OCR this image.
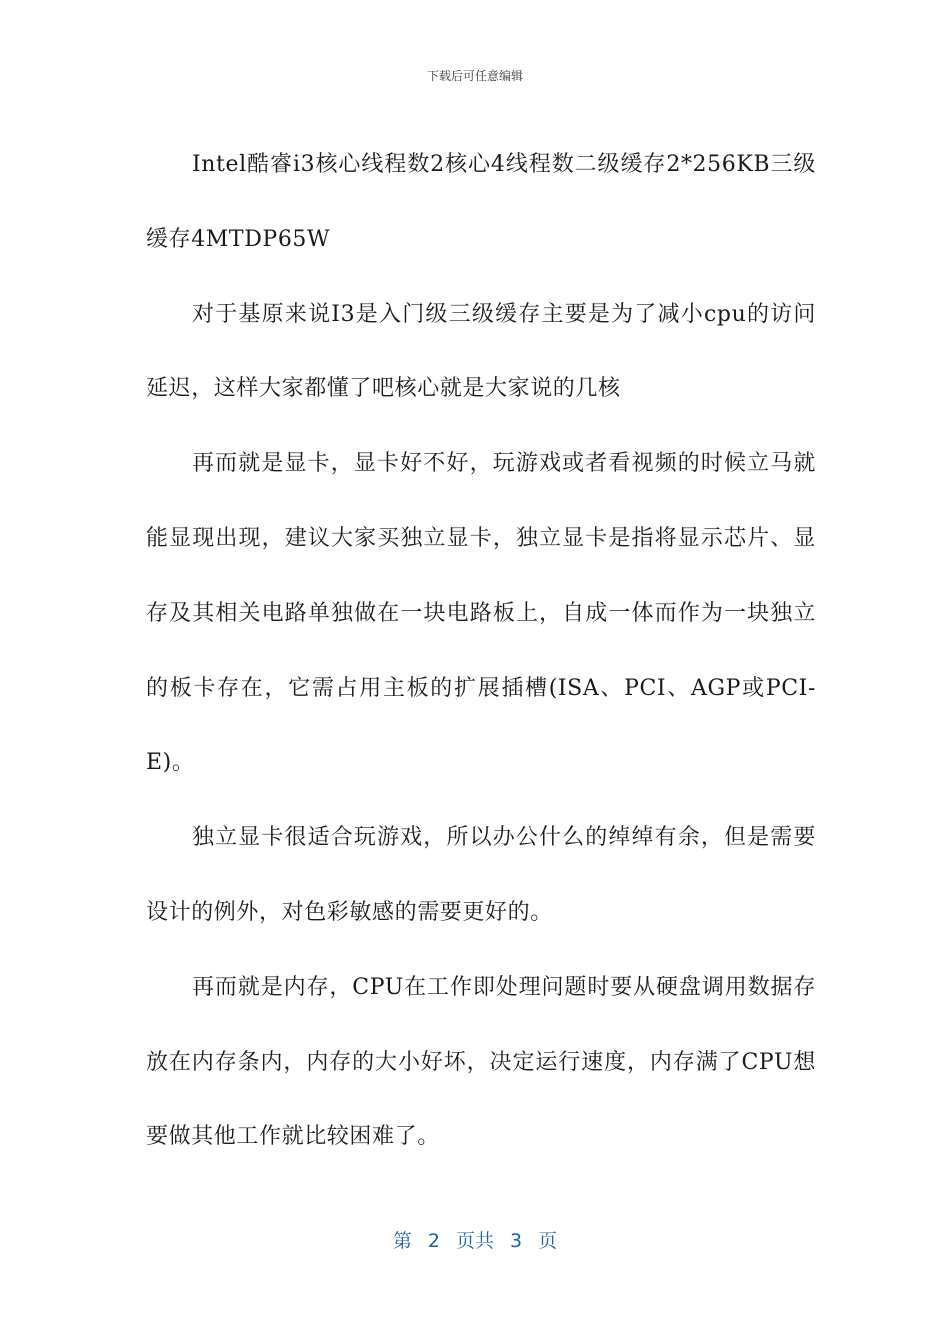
下载后可任意编辑

Intel酷睿i3核心线程数2核心4线程数二级缓存2*256KB三级缓存4MTDP65W

对于基原来说I3是入门级三级缓存主要是为了减小cpu的访问延迟，这样大家都懂了吧核心就是大家说的几核

再而就是显卡，显卡好不好，玩游戏或者看视频的时候立马就能显现出现，建议大家买独立显卡，独立显卡是指将显示芯片、显存及其相关电路单独做在一块电路板上，自成一体而作为一块独立的板卡存在，它需占用主板的扩展插槽(ISA、PCI、AGP或PCI-E)。

独立显卡很适合玩游戏，所以办公什么的绰绰有余，但是需要设计的例外，对色彩敏感的需要更好的。

再而就是内存，CPU在工作即处理问题时要从硬盘调用数据存放在内存条内，内存的大小好坏，决定运行速度，内存满了CPU想要做其他工作就比较困难了。

第 2 页共 3 页
